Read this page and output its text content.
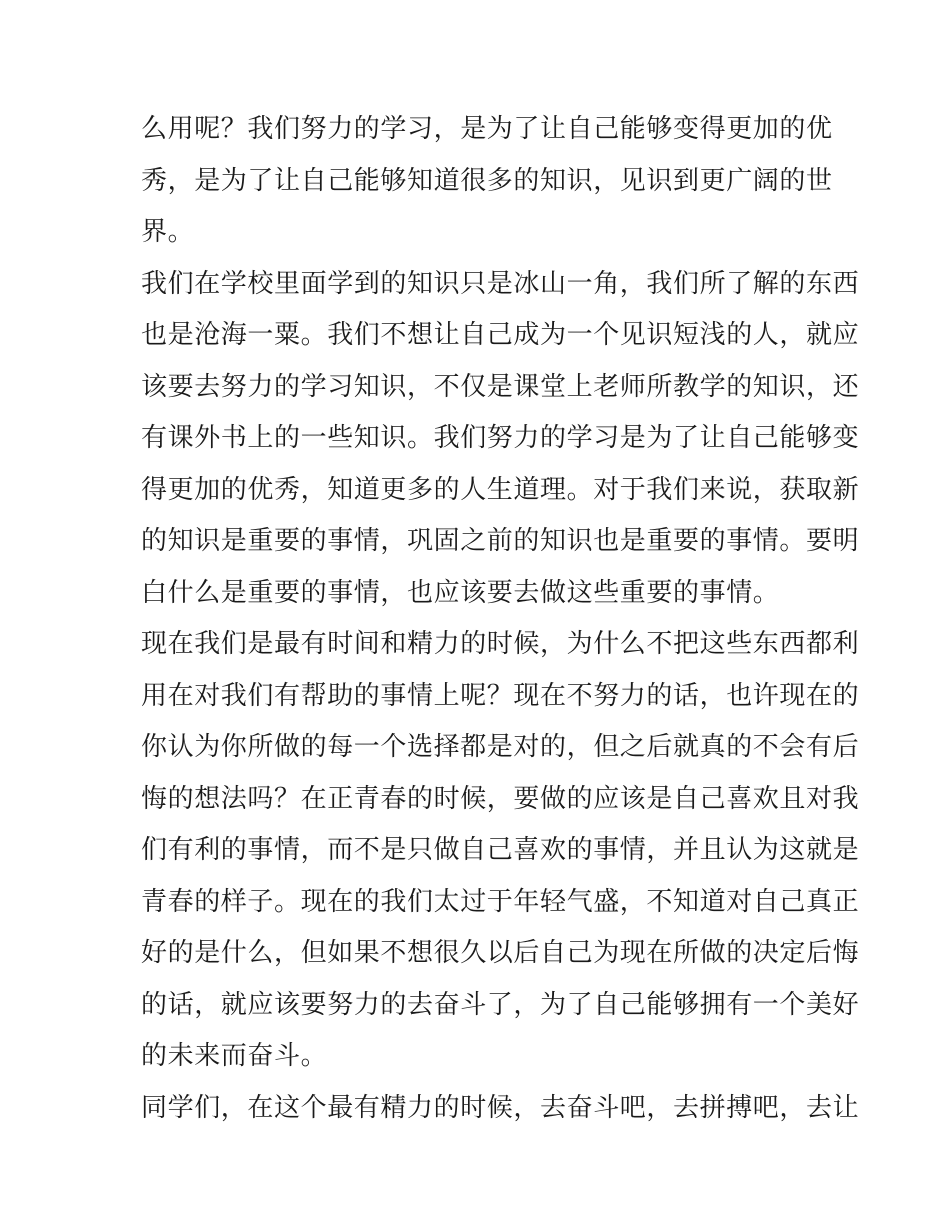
么用呢？我们努力的学习，是为了让自己能够变得更加的优
秀，是为了让自己能够知道很多的知识，见识到更广阔的世
界。
我们在学校里面学到的知识只是冰山一角，我们所了解的东西
也是沧海一粟。我们不想让自己成为一个见识短浅的人，就应
该要去努力的学习知识，不仅是课堂上老师所教学的知识，还
有课外书上的一些知识。我们努力的学习是为了让自己能够变
得更加的优秀，知道更多的人生道理。对于我们来说，获取新
的知识是重要的事情，巩固之前的知识也是重要的事情。要明
白什么是重要的事情，也应该要去做这些重要的事情。
现在我们是最有时间和精力的时候，为什么不把这些东西都利
用在对我们有帮助的事情上呢？现在不努力的话，也许现在的
你认为你所做的每一个选择都是对的，但之后就真的不会有后
悔的想法吗？在正青春的时候，要做的应该是自己喜欢且对我
们有利的事情，而不是只做自己喜欢的事情，并且认为这就是
青春的样子。现在的我们太过于年轻气盛，不知道对自己真正
好的是什么，但如果不想很久以后自己为现在所做的决定后悔
的话，就应该要努力的去奋斗了，为了自己能够拥有一个美好
的未来而奋斗。
同学们，在这个最有精力的时候，去奋斗吧，去拼搏吧，去让
